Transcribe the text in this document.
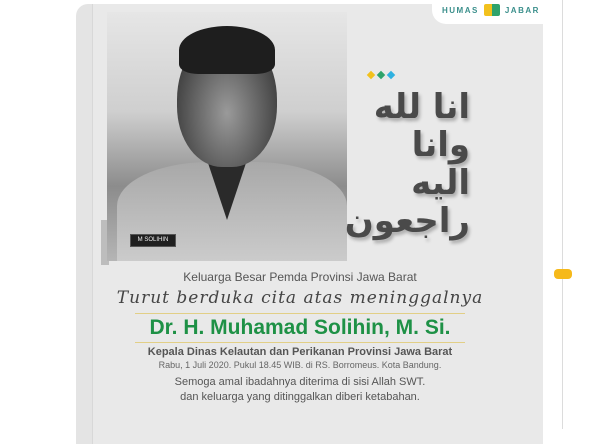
HUMAS	JABAR
M SOLIHIN
انا لله
وانا اليه
راجعون
Keluarga Besar Pemda Provinsi Jawa Barat
Turut berduka cita atas meninggalnya
Dr. H. Muhamad Solihin, M. Si.
Kepala Dinas Kelautan dan Perikanan Provinsi Jawa Barat
Rabu, 1 Juli 2020. Pukul 18.45 WIB. di RS. Borromeus. Kota Bandung.
Semoga amal ibadahnya diterima di sisi Allah SWT.
dan keluarga yang ditinggalkan diberi ketabahan.
